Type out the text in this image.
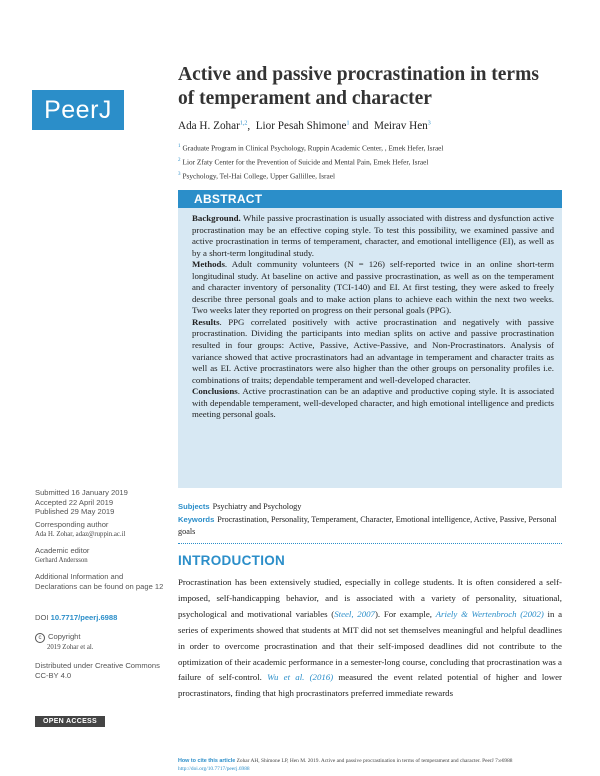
PeerJ
Active and passive procrastination in terms of temperament and character
Ada H. Zohar$^{1,2}$,  Lior Pesah Shimone$^1$ and  Meirav Hen$^3$
$^1$ Graduate Program in Clinical Psychology, Ruppin Academic Center, , Emek Hefer, Israel
$^2$ Lior Zfaty Center for the Prevention of Suicide and Mental Pain, Emek Hefer, Israel
$^3$ Psychology, Tel-Hai College, Upper Gallillee, Israel
ABSTRACT

Background. While passive procrastination is usually associated with distress and dysfunction active procrastination may be an effective coping style. To test this possibility, we examined passive and active procrastination in terms of temperament, character, and emotional intelligence (EI), as well as by a short-term longitudinal study.

Methods. Adult community volunteers (N = 126) self-reported twice in an online short-term longitudinal study. At baseline on active and passive procrastination, as well as on the temperament and character inventory of personality (TCI-140) and EI. At first testing, they were asked to freely describe three personal goals and to make action plans to achieve each within the next two weeks. Two weeks later they reported on progress on their personal goals (PPG).

Results. PPG correlated positively with active procrastination and negatively with passive procrastination. Dividing the participants into median splits on active and passive procrastination resulted in four groups: Active, Passive, Active-Passive, and Non-Procrastinators. Analysis of variance showed that active procrastinators had an advantage in temperament and character traits as well as EI. Active procrastinators were also higher than the other groups on personality profiles i.e. combinations of traits; dependable temperament and well-developed character.

Conclusions. Active procrastination can be an adaptive and productive coping style. It is associated with dependable temperament, well-developed character, and high emotional intelligence and predicts meeting personal goals.

Subjects Psychiatry and Psychology

Keywords Procrastination, Personality, Temperament, Character, Emotional intelligence, Active, Passive, Personal goals

INTRODUCTION

Procrastination has been extensively studied, especially in college students. It is often considered a self-imposed, self-handicapping behavior, and is associated with a variety of personality, situational, psychological and motivational variables (Steel, 2007). For example, Ariely & Wertenbroch (2002) in a series of experiments showed that students at MIT did not set themselves meaningful and helpful deadlines in order to overcome procrastination and that their self-imposed deadlines did not contribute to the optimization of their academic performance in a semester-long course, concluding that procrastination was a failure of self-control. Wu et al. (2016) measured the event related potential of higher and lower procrastinators, finding that high procrastinators preferred immediate rewards

Submitted 16 January 2019
Accepted 22 April 2019
Published 29 May 2019
Corresponding author
Ada H. Zohar, adaz@ruppin.ac.il
Academic editor
Gerhard Andersson
Additional Information and Declarations can be found on page 12
DOI 10.7717/peerj.6988
c Copyright
2019 Zohar et al.
Distributed under Creative Commons CC-BY 4.0
OPEN ACCESS
How to cite this article Zohar AH, Shimone LP, Hen M. 2019. Active and passive procrastination in terms of temperament and character. PeerJ 7:e6988 http://doi.org/10.7717/peerj.6988
